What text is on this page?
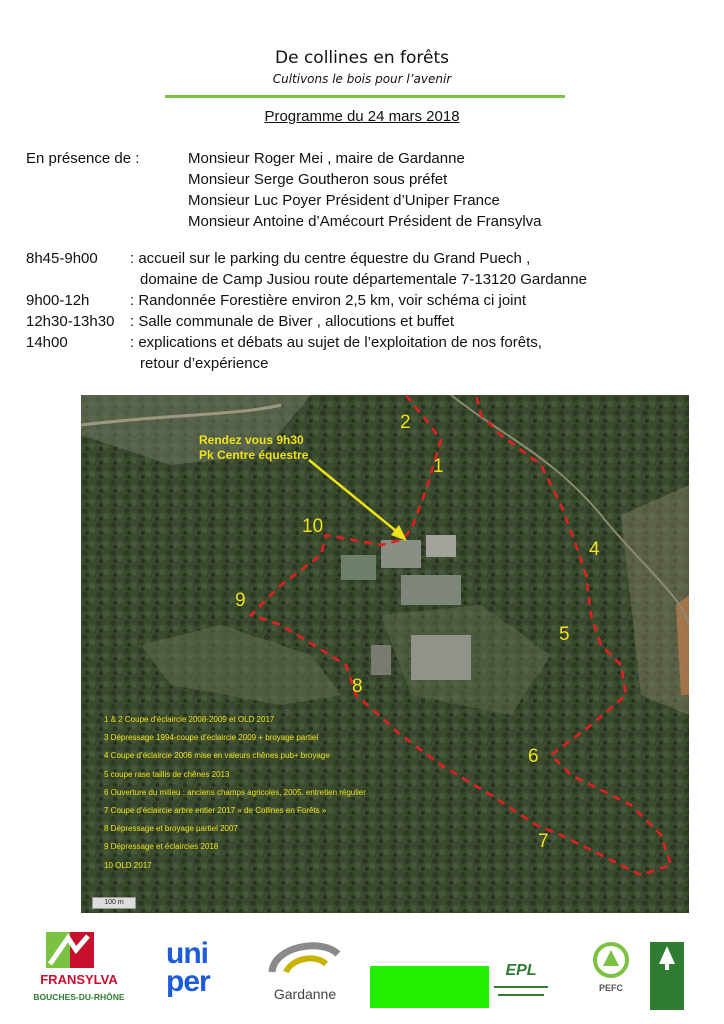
De collines en forêts
Cultivons le bois pour l’avenir
Programme du 24 mars 2018
En présence de :	Monsieur Roger Mei , maire de Gardanne
Monsieur Serge Goutheron sous préfet
Monsieur Luc Poyer Président d’Uniper France
Monsieur Antoine d’Amécourt Président de Fransylva
8h45-9h00 : accueil sur le parking du centre équestre du Grand Puech ,
domaine de Camp Jusiou route départementale 7-13120 Gardanne
9h00-12h	: Randonnée Forestière environ 2,5 km, voir schéma ci joint
12h30-13h30 : Salle communale de Biver , allocutions et buffet
14h00	: explications et débats au sujet de l’exploitation de nos forêts,
retour d’expérience
Rendez vous 9h30
Pk Centre équestre
1
2
4
5
6
7
8
9
10
1 & 2 Coupe d’éclaircie 2008-2009 et OLD 2017
3 Dépressage 1994-coupe d’éclaircie 2009 + broyage partiel
4 Coupe d’éclaircie 2006 mise en valeurs chênes pub+ broyage
5 coupe rase taillis de chênes 2013
6 Ouverture du milieu : anciens champs agricoles, 2005. entretien régulier
7 Coupe d’éclaircie arbre entier 2017 « de Collines en Forêts »
8 Dépressage et broyage partiel 2007
9 Dépressage et éclaircies 2018
10 OLD 2017
100 m
FRANSYLVA
BOUCHES-DU-RHÔNE
uni
per	Gardanne
EPL
PEFC
